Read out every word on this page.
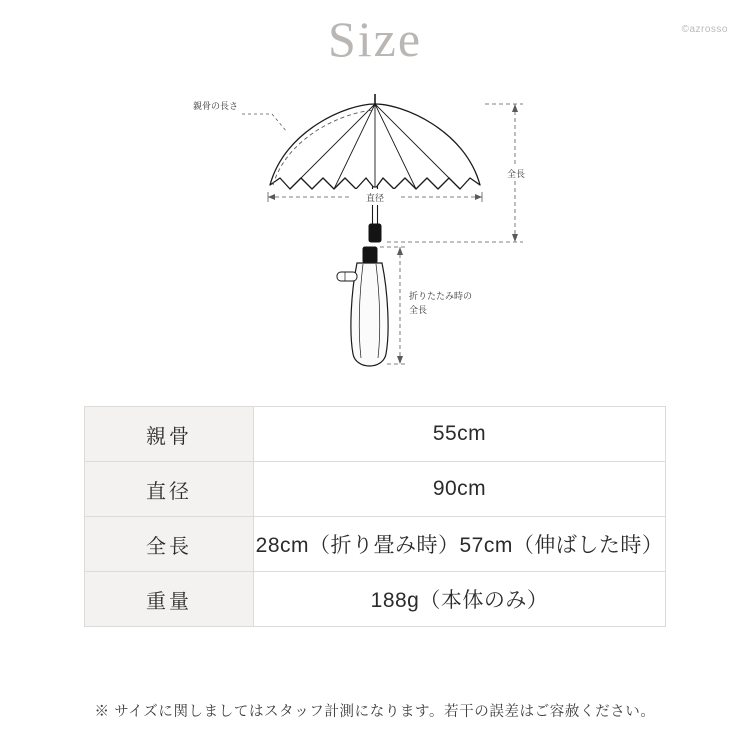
Size	©azrosso
親骨の長さ
直径
全長
折りたたみ時の
全長
親骨	55cm
直径	90cm
全長	28cm（折り畳み時）57cm（伸ばした時）
重量	188g（本体のみ）
※ サイズに関しましてはスタッフ計測になります。若干の誤差はご容赦ください。
